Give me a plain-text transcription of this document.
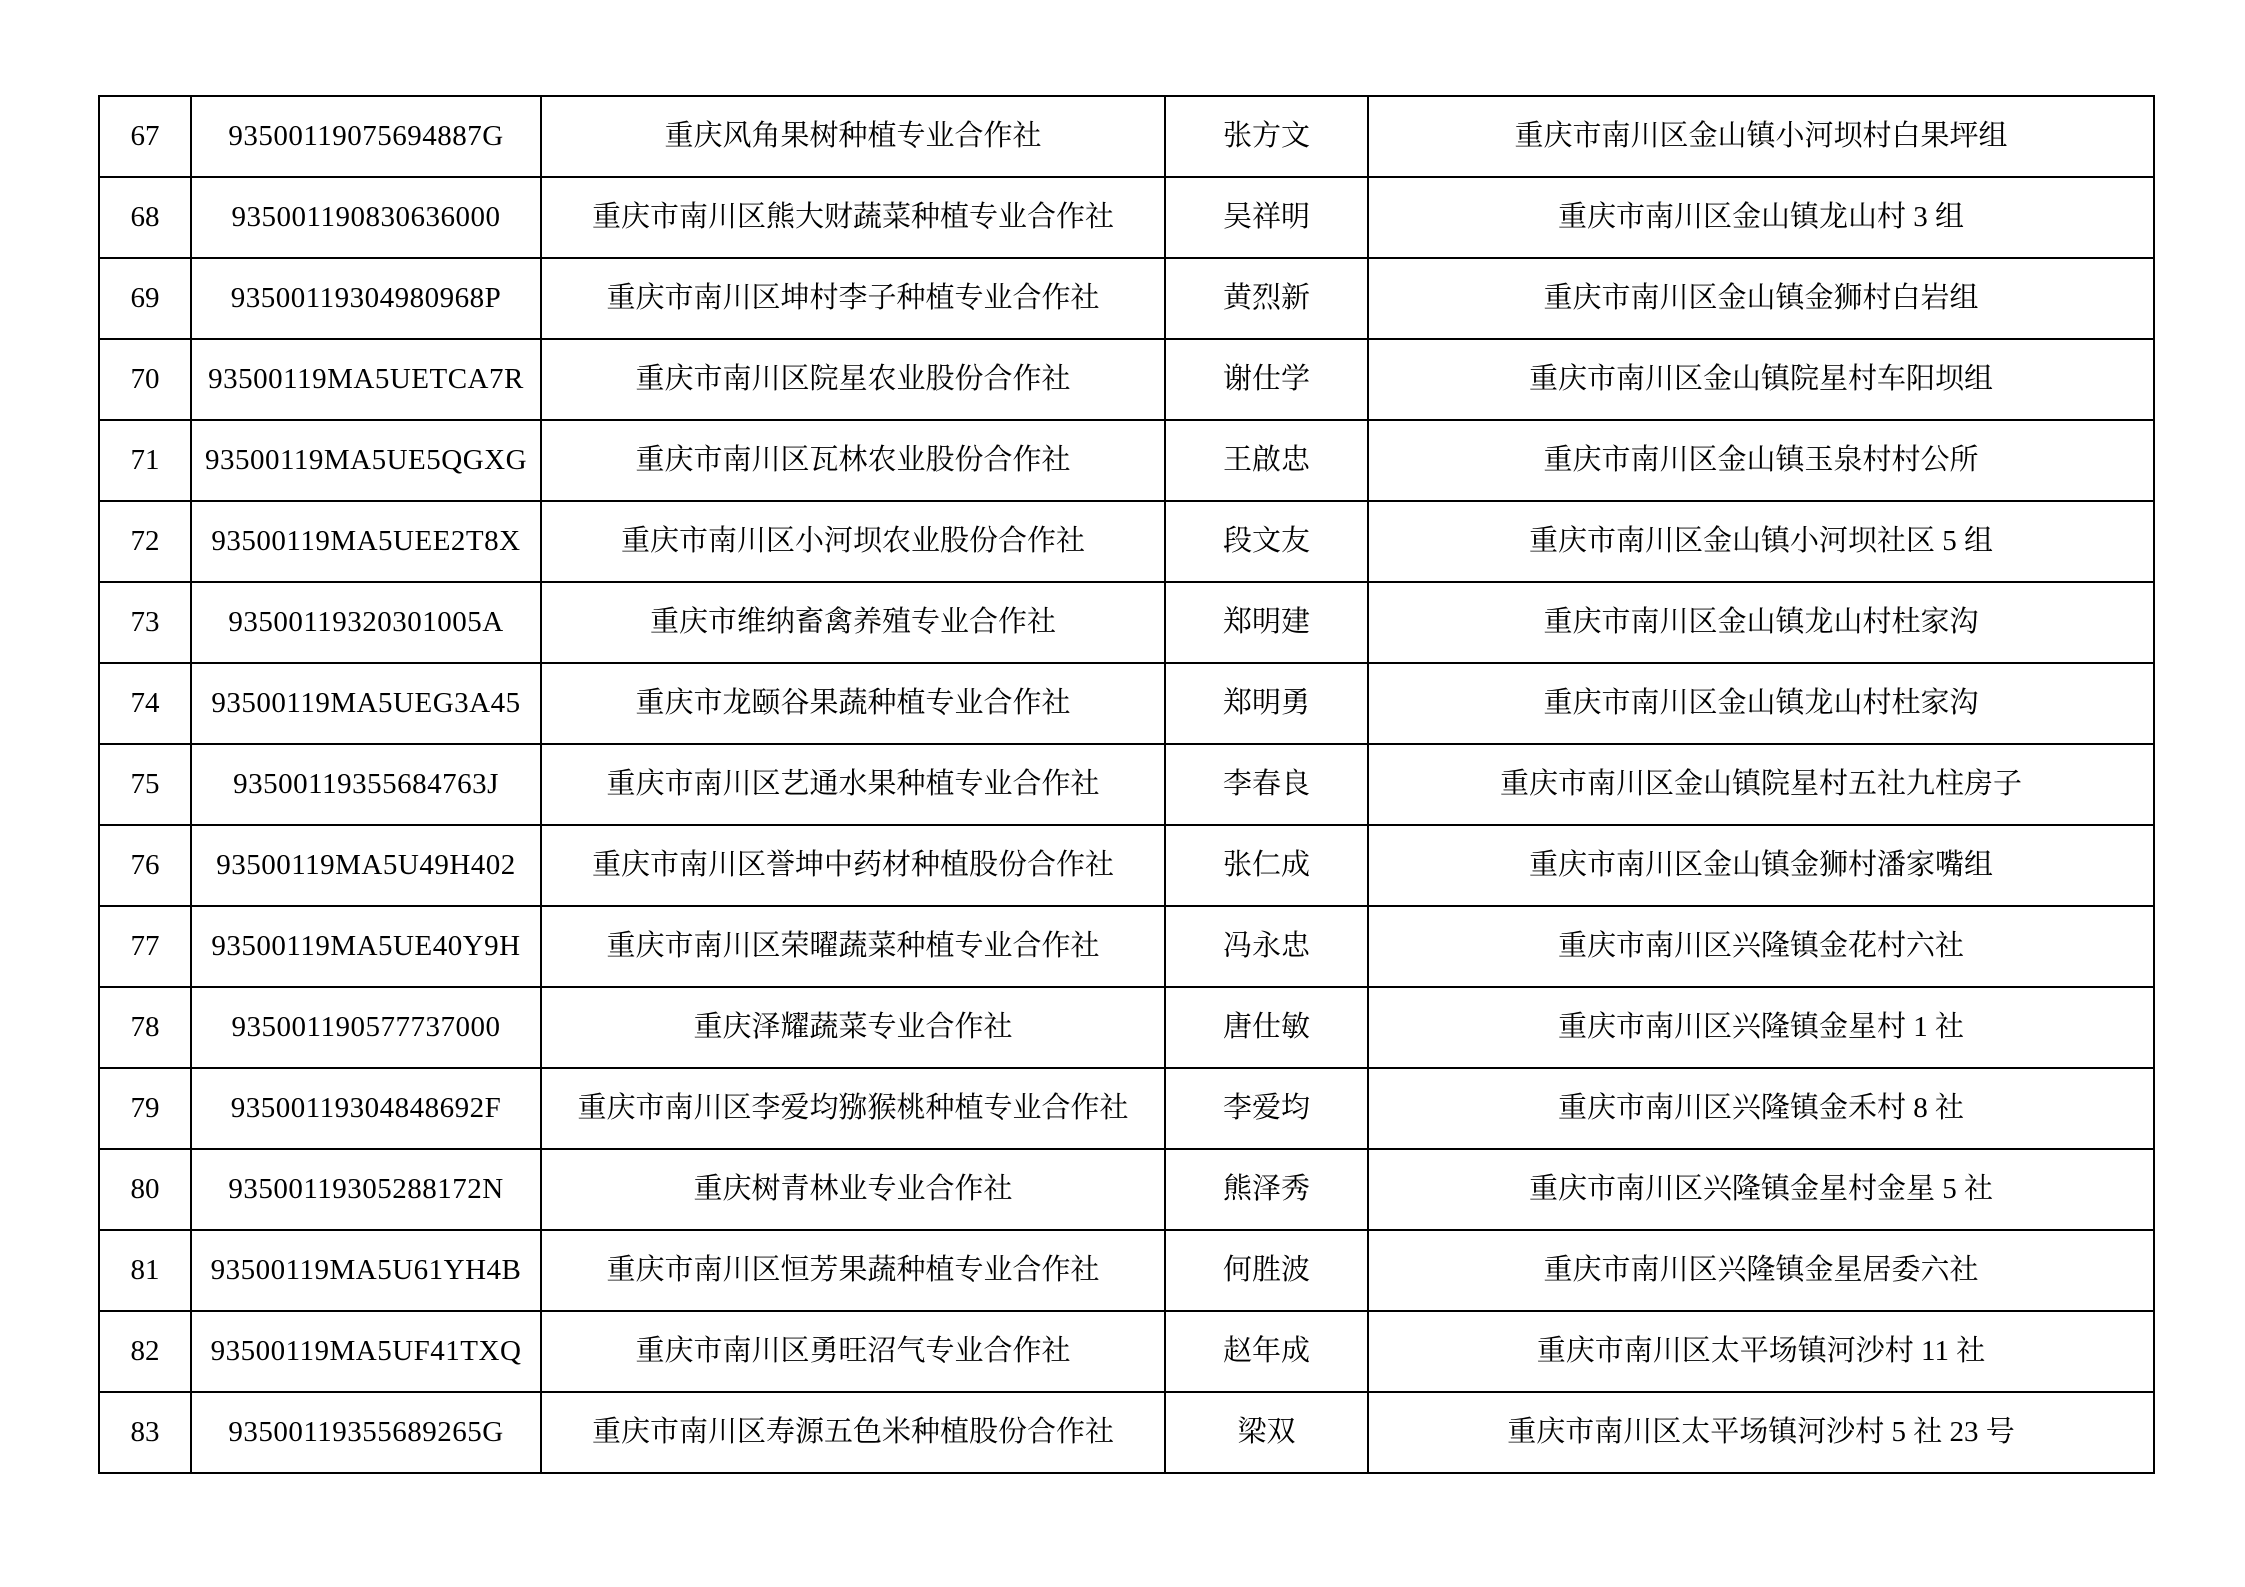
67	93500119075694887G	重庆风角果树种植专业合作社	张方文	重庆市南川区金山镇小河坝村白果坪组
68	935001190830636000	重庆市南川区熊大财蔬菜种植专业合作社	吴祥明	重庆市南川区金山镇龙山村 3 组
69	93500119304980968P	重庆市南川区坤村李子种植专业合作社	黄烈新	重庆市南川区金山镇金狮村白岩组
70	93500119MA5UETCA7R	重庆市南川区院星农业股份合作社	谢仕学	重庆市南川区金山镇院星村车阳坝组
71	93500119MA5UE5QGXG	重庆市南川区瓦林农业股份合作社	王啟忠	重庆市南川区金山镇玉泉村村公所
72	93500119MA5UEE2T8X	重庆市南川区小河坝农业股份合作社	段文友	重庆市南川区金山镇小河坝社区 5 组
73	93500119320301005A	重庆市维纳畜禽养殖专业合作社	郑明建	重庆市南川区金山镇龙山村杜家沟
74	93500119MA5UEG3A45	重庆市龙颐谷果蔬种植专业合作社	郑明勇	重庆市南川区金山镇龙山村杜家沟
75	93500119355684763J	重庆市南川区艺通水果种植专业合作社	李春良	重庆市南川区金山镇院星村五社九柱房子
76	93500119MA5U49H402	重庆市南川区誉坤中药材种植股份合作社	张仁成	重庆市南川区金山镇金狮村潘家嘴组
77	93500119MA5UE40Y9H	重庆市南川区荣曜蔬菜种植专业合作社	冯永忠	重庆市南川区兴隆镇金花村六社
78	935001190577737000	重庆泽耀蔬菜专业合作社	唐仕敏	重庆市南川区兴隆镇金星村 1 社
79	93500119304848692F	重庆市南川区李爱均猕猴桃种植专业合作社	李爱均	重庆市南川区兴隆镇金禾村 8 社
80	93500119305288172N	重庆树青林业专业合作社	熊泽秀	重庆市南川区兴隆镇金星村金星 5 社
81	93500119MA5U61YH4B	重庆市南川区恒芳果蔬种植专业合作社	何胜波	重庆市南川区兴隆镇金星居委六社
82	93500119MA5UF41TXQ	重庆市南川区勇旺沼气专业合作社	赵年成	重庆市南川区太平场镇河沙村 11 社
83	93500119355689265G	重庆市南川区寿源五色米种植股份合作社	梁双	重庆市南川区太平场镇河沙村 5 社 23 号
